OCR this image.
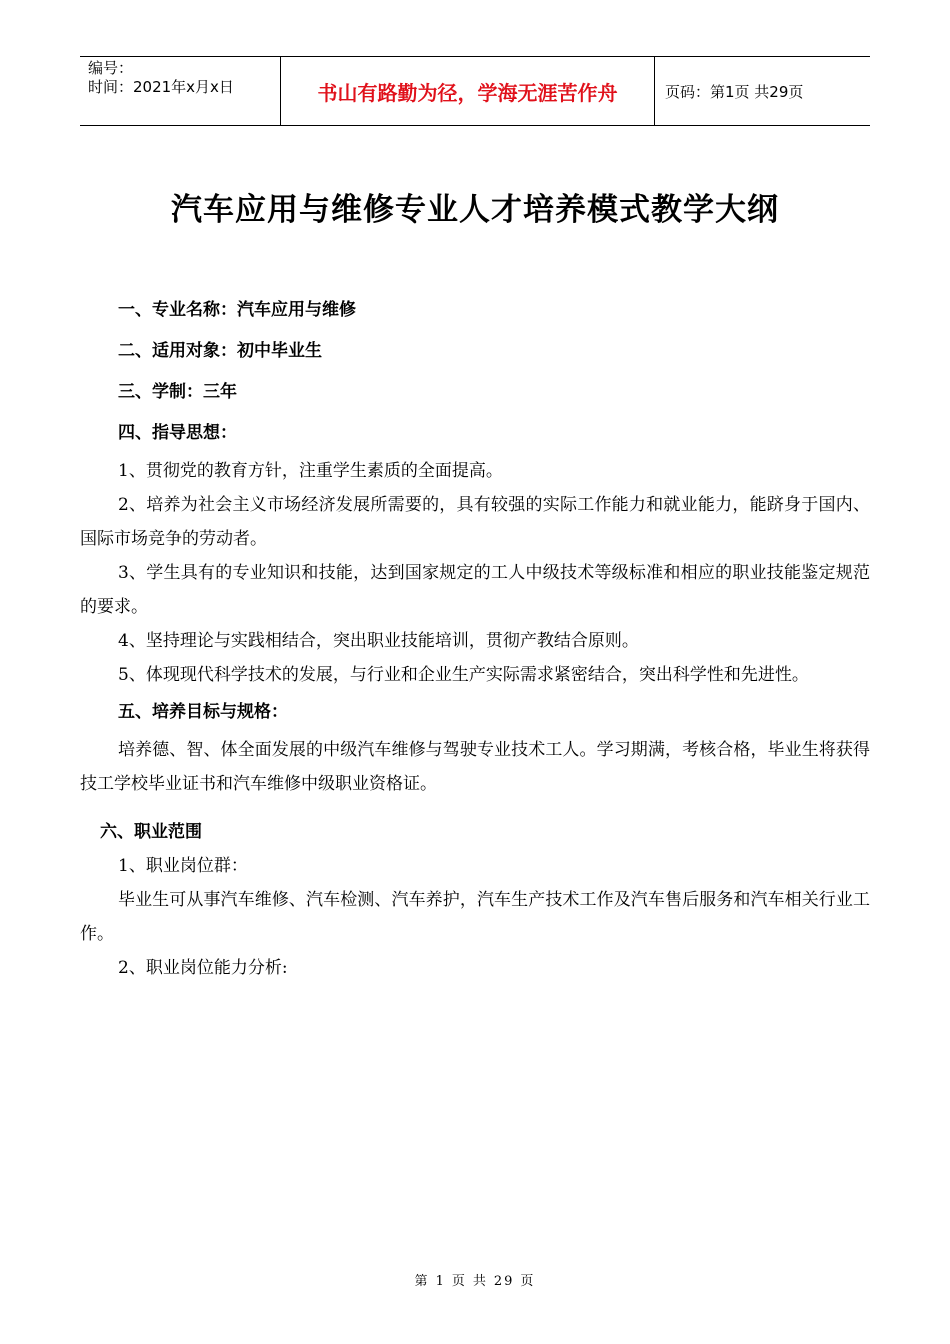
编号：
时间：2021年x月x日	书山有路勤为径，学海无涯苦作舟	页码：第1页 共29页
汽车应用与维修专业人才培养模式教学大纲

一、专业名称：汽车应用与维修

二、适用对象：初中毕业生

三、学制：三年

四、指导思想：

1、贯彻党的教育方针，注重学生素质的全面提高。

2、培养为社会主义市场经济发展所需要的，具有较强的实际工作能力和就业能力，能跻身于国内、国际市场竞争的劳动者。

3、学生具有的专业知识和技能，达到国家规定的工人中级技术等级标准和相应的职业技能鉴定规范的要求。

4、坚持理论与实践相结合，突出职业技能培训，贯彻产教结合原则。

5、体现现代科学技术的发展，与行业和企业生产实际需求紧密结合，突出科学性和先进性。

五、培养目标与规格：

培养德、智、体全面发展的中级汽车维修与驾驶专业技术工人。学习期满，考核合格，毕业生将获得技工学校毕业证书和汽车维修中级职业资格证。

六、职业范围

1、职业岗位群：

毕业生可从事汽车维修、汽车检测、汽车养护，汽车生产技术工作及汽车售后服务和汽车相关行业工作。

2、职业岗位能力分析:

第 1 页 共 29 页
